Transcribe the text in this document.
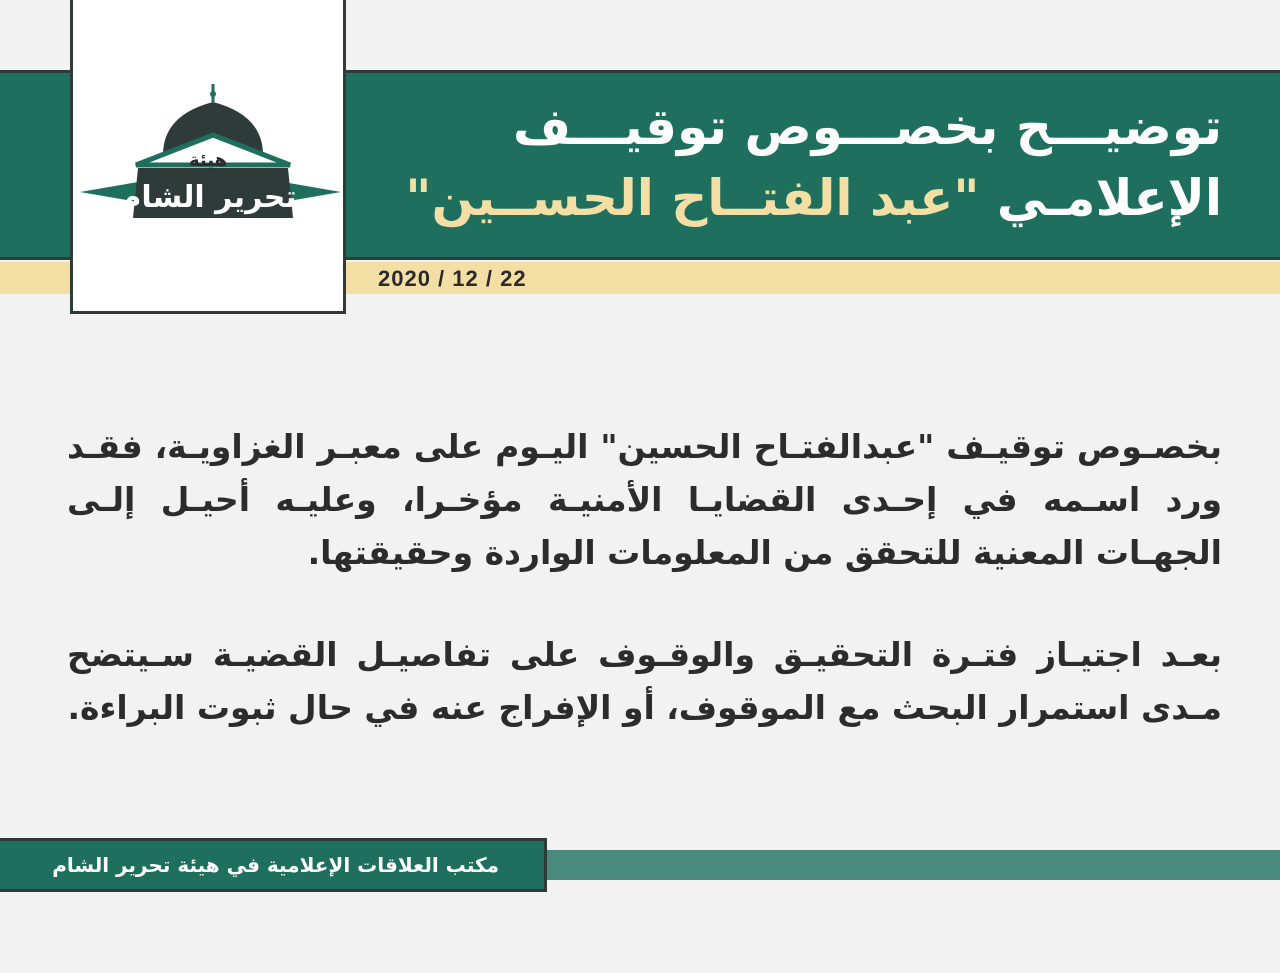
2020 / 12 / 22
توضيـــح بخصـــوص توقيـــف
الإعلامـي "عبد الفتــاح الحســين"
هيئة
تحرير الشام
بخصـوص توقيـف "عبدالفتـاح الحسين" اليـوم على معبـر الغزاويـة، فقـد ورد اسـمه في إحـدى القضايـا الأمنيـة مؤخـرا، وعليـه أحيـل إلـى الجهـات المعنية للتحقق من المعلومات الواردة وحقيقتها.
بعـد اجتيـاز فتـرة التحقيـق والوقـوف على تفاصيـل القضيـة سـيتضح مـدى استمرار البحث مع الموقوف، أو الإفراج عنه في حال ثبوت البراءة.
مكتب العلاقات الإعلامية في هيئة تحرير الشام
